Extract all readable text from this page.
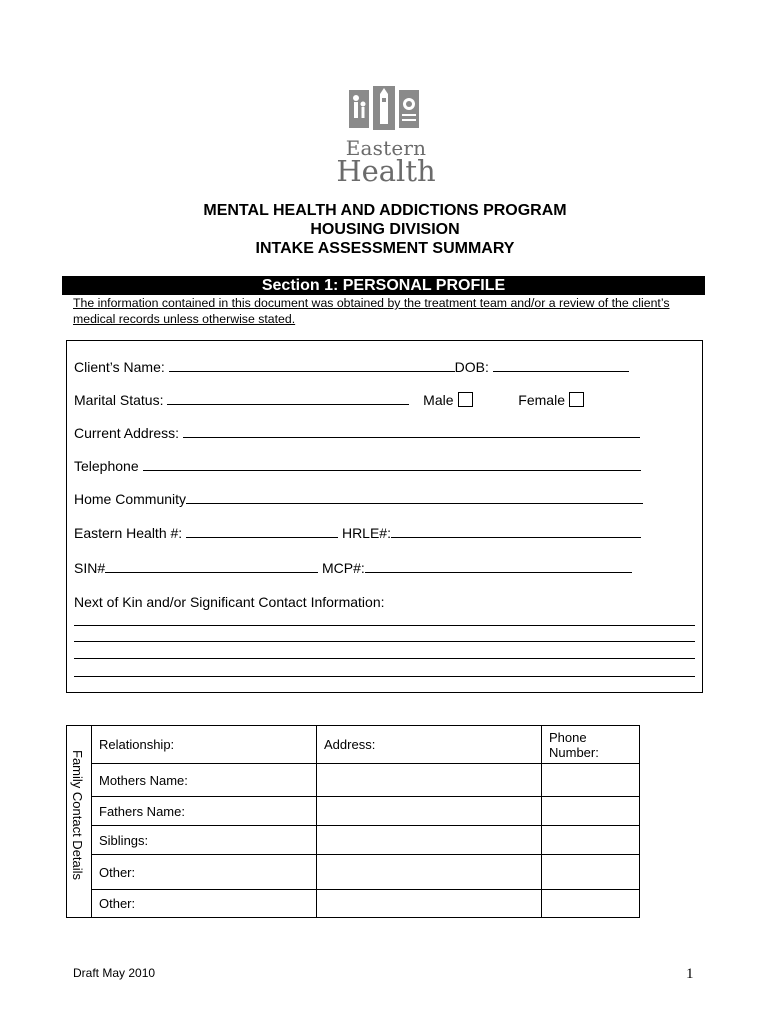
Eastern
Health
MENTAL HEALTH AND ADDICTIONS PROGRAM
HOUSING DIVISION
INTAKE ASSESSMENT SUMMARY
Section 1: PERSONAL PROFILE
The information contained in this document was obtained by the treatment team and/or a review of the client’s medical records unless otherwise stated.
Client’s Name:	DOB:
Marital Status:	Male	Female
Current Address:
Telephone
Home Community
Eastern Health #:	HRLE#:
SIN#	MCP#:
Next of Kin and/or Significant Contact Information:
Family Contact Details	Relationship:	Address:	Phone Number:
	Mothers Name:		
	Fathers Name:		
	Siblings:		
	Other:		
	Other:		
Draft May 2010	1
